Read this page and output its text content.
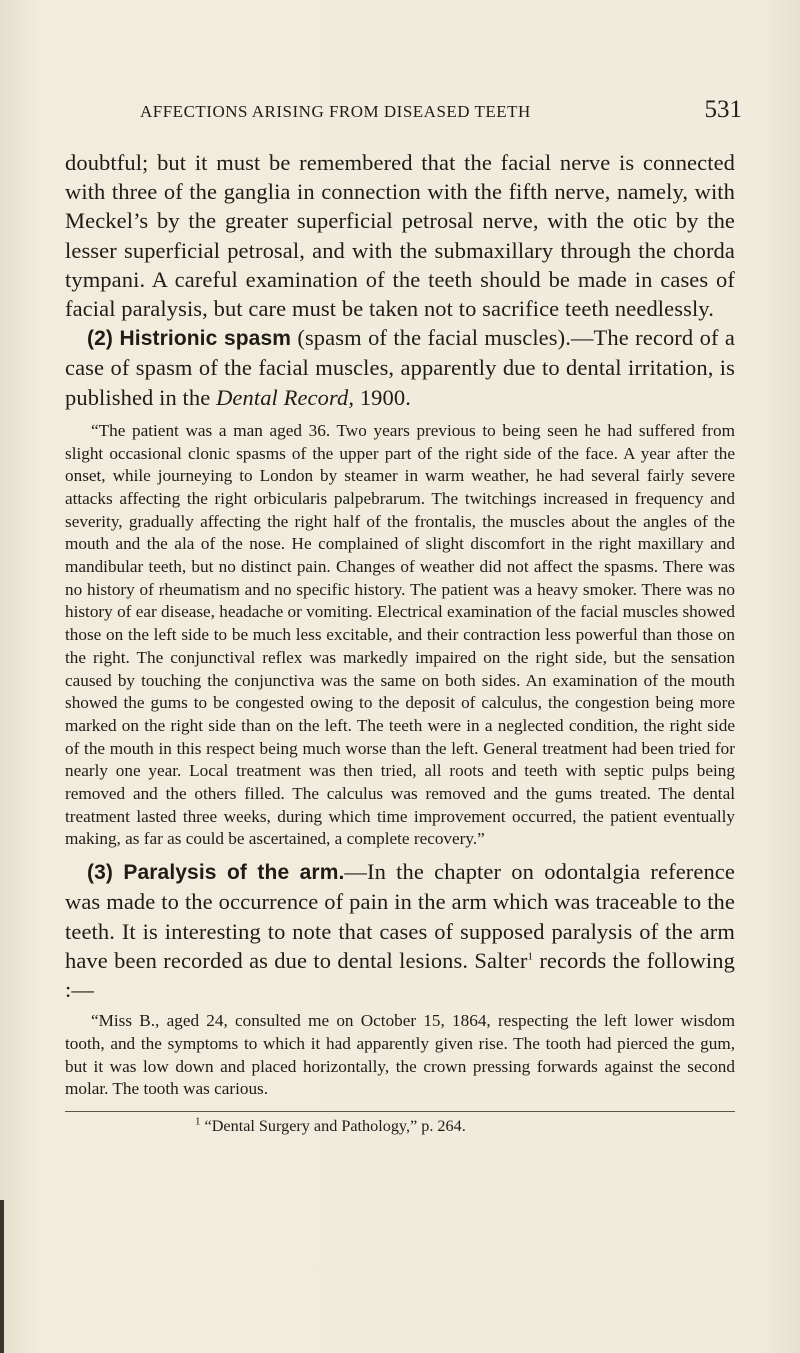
AFFECTIONS ARISING FROM DISEASED TEETH	531

doubtful; but it must be remembered that the facial nerve is connected with three of the ganglia in connection with the fifth nerve, namely, with Meckel’s by the greater superficial petrosal nerve, with the otic by the lesser superficial petrosal, and with the submaxillary through the chorda tympani. A careful examination of the teeth should be made in cases of facial paralysis, but care must be taken not to sacrifice teeth needlessly.

(2) Histrionic spasm (spasm of the facial muscles).—The record of a case of spasm of the facial muscles, apparently due to dental irritation, is published in the Dental Record, 1900.

“The patient was a man aged 36. Two years previous to being seen he had suffered from slight occasional clonic spasms of the upper part of the right side of the face. A year after the onset, while journeying to London by steamer in warm weather, he had several fairly severe attacks affecting the right orbicularis palpebrarum. The twitchings increased in frequency and severity, gradually affecting the right half of the frontalis, the muscles about the angles of the mouth and the ala of the nose. He complained of slight discomfort in the right maxillary and mandibular teeth, but no distinct pain. Changes of weather did not affect the spasms. There was no history of rheumatism and no specific history. The patient was a heavy smoker. There was no history of ear disease, headache or vomiting. Electrical examination of the facial muscles showed those on the left side to be much less excitable, and their contraction less powerful than those on the right. The conjunctival reflex was markedly impaired on the right side, but the sensation caused by touching the conjunctiva was the same on both sides. An examination of the mouth showed the gums to be congested owing to the deposit of calculus, the congestion being more marked on the right side than on the left. The teeth were in a neglected condition, the right side of the mouth in this respect being much worse than the left. General treatment had been tried for nearly one year. Local treatment was then tried, all roots and teeth with septic pulps being removed and the others filled. The calculus was removed and the gums treated. The dental treatment lasted three weeks, during which time improvement occurred, the patient eventually making, as far as could be ascertained, a complete recovery.”

(3) Paralysis of the arm.—In the chapter on odontalgia reference was made to the occurrence of pain in the arm which was traceable to the teeth. It is interesting to note that cases of supposed paralysis of the arm have been recorded as due to dental lesions. Salter$^1$ records the following :—

“Miss B., aged 24, consulted me on October 15, 1864, respecting the left lower wisdom tooth, and the symptoms to which it had apparently given rise. The tooth had pierced the gum, but it was low down and placed horizontally, the crown pressing forwards against the second molar. The tooth was carious.

$^1$ “Dental Surgery and Pathology,” p. 264.
